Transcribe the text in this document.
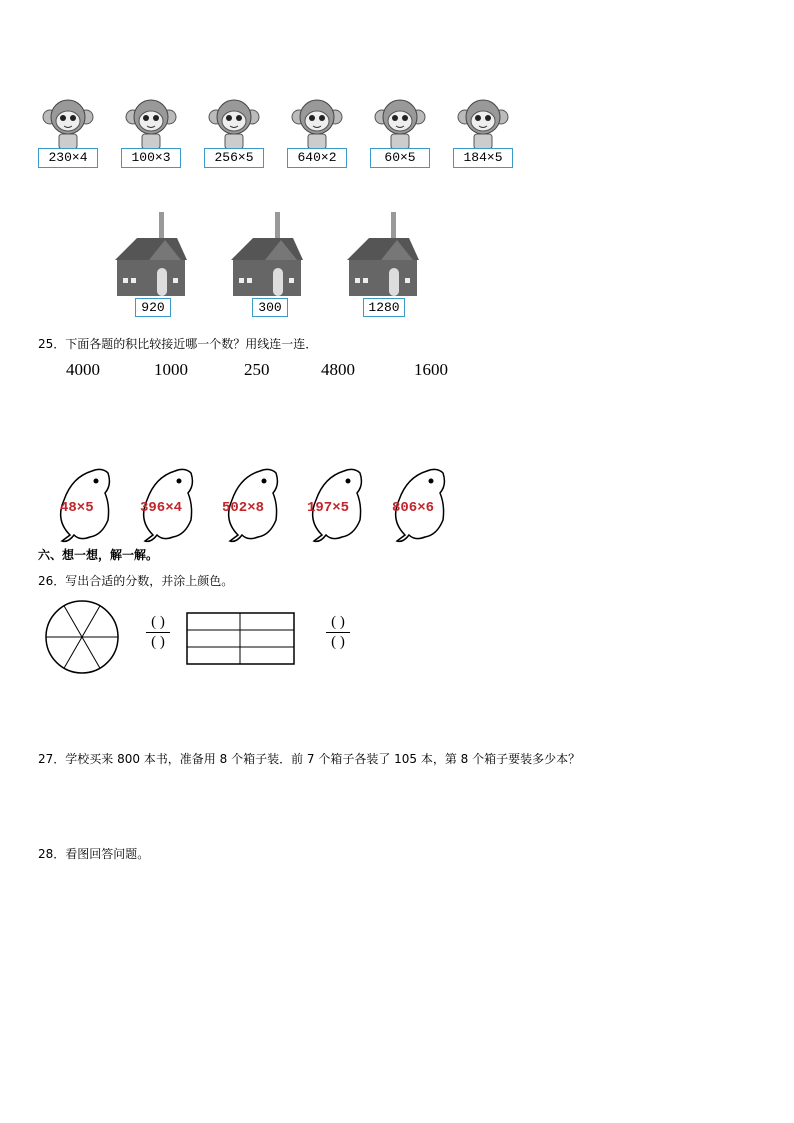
230×4	100×3	256×5	640×2	60×5	184×5
920	300	1280
25．下面各题的积比较接近哪一个数？用线连一连．
4000	1000	250	4800	1600
48×5	396×4	502×8	197×5	806×6
六、想一想，解一解。
26．写出合适的分数，并涂上颜色。
( )
( )
( )
( )
27．学校买来 800 本书，准备用 8 个箱子装．前 7 个箱子各装了 105 本，第 8 个箱子要装多少本？
28．看图回答问题。
